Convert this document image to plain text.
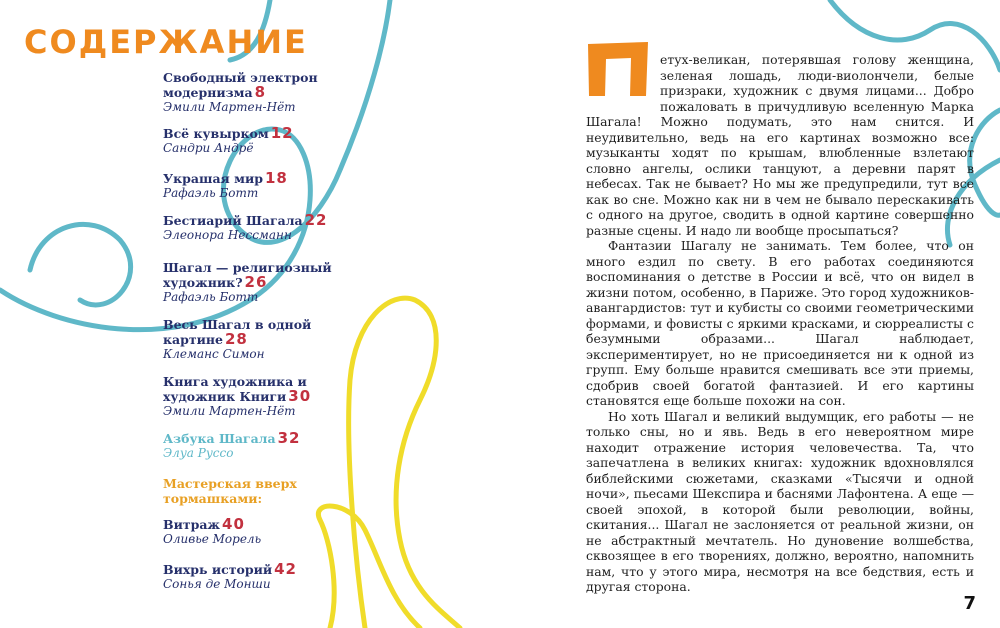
СОДЕРЖАНИЕ
Свободный электрон модернизма 8
Эмили Мартен-Нёт
Всё кувырком 12
Сандри Андрё
Украшая мир 18
Рафаэль Ботт
Бестиарий Шагала 22
Элеонора Нессманн
Шагал — религиозный художник? 26
Рафаэль Ботт
Весь Шагал в одной картине 28
Клеманс Симон
Книга художника и художник Книги 30
Эмили Мартен-Нёт
Азбука Шагала 32
Элуа Руссо
Мастерская вверх тормашками:
Витраж 40
Оливье Морель
Вихрь историй 42
Сонья де Монши

етух-великан, потерявшая голову женщина, зеленая лошадь, люди-виолончели, белые призраки, художник с двумя лицами... Добро пожаловать в причудливую вселенную Марка Шагала! Можно подумать, это нам снится. И неудивительно, ведь на его картинах возможно все: музыканты ходят по крышам, влюбленные взлетают словно ангелы, ослики танцуют, а деревни парят в небесах. Так не бывает? Но мы же предупредили, тут все как во сне. Можно как ни в чем не бывало перескакивать с одного на другое, сводить в одной картине совершенно разные сцены. И надо ли вообще просыпаться?

Фантазии Шагалу не занимать. Тем более, что он много ездил по свету. В его работах соединяются воспоминания о детстве в России и всё, что он видел в жизни потом, особенно, в Париже. Это город художников-авангардистов: тут и кубисты со своими геометрическими формами, и фовисты с яркими красками, и сюрреалисты с безумными образами... Шагал наблюдает, экспериментирует, но не присоединяется ни к одной из групп. Ему больше нравится смешивать все эти приемы, сдобрив своей богатой фантазией. И его картины становятся еще больше похожи на сон.

Но хоть Шагал и великий выдумщик, его работы — не только сны, но и явь. Ведь в его невероятном мире находит отражение история человечества. Та, что запечатлена в великих книгах: художник вдохновлялся библейскими сюжетами, сказками «Тысячи и одной ночи», пьесами Шекспира и баснями Лафонтена. А еще — своей эпохой, в которой были революции, войны, скитания... Шагал не заслоняется от реальной жизни, он не абстрактный мечтатель. Но дуновение волшебства, сквозящее в его творениях, должно, вероятно, напомнить нам, что у этого мира, несмотря на все бедствия, есть и другая сторона.

7
